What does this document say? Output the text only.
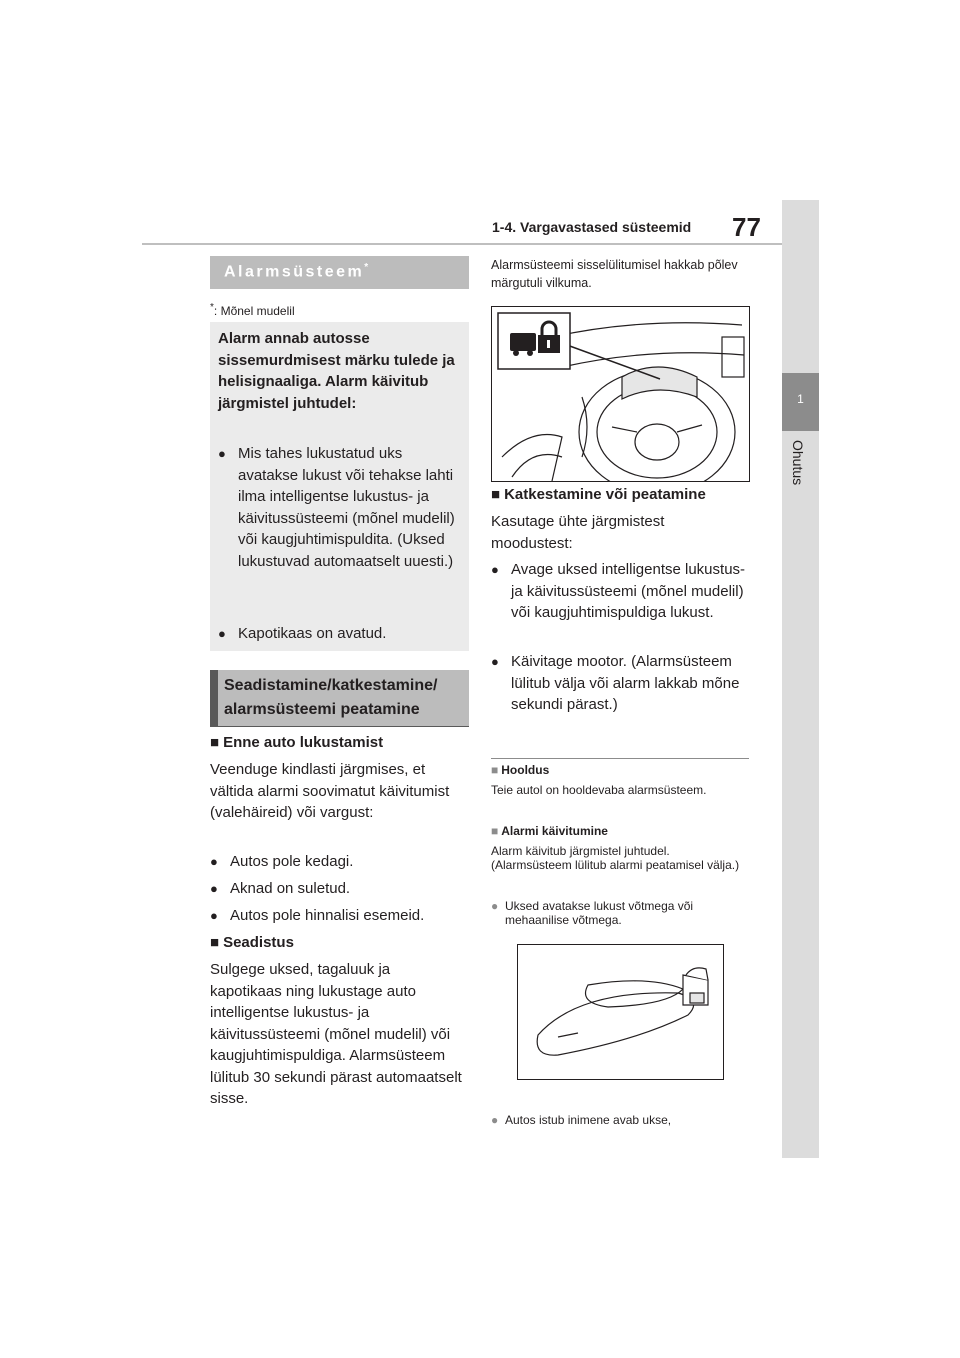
1-4. Vargavastased süsteemid 77
1
Ohutus
Alarmsüsteem*
*: Mõnel mudelil
Alarm annab autosse sissemurdmisest märku tulede ja helisignaaliga. Alarm käivitub järgmistel juhtudel:
● Mis tahes lukustatud uks avatakse lukust või tehakse lahti ilma intelligentse lukustus- ja käivitussüsteemi (mõnel mudelil) või kaugjuhtimispuldita. (Uksed lukustuvad automaatselt uuesti.)
● Kapotikaas on avatud.
Seadistamine/katkestamine/ alarmsüsteemi peatamine
■ Enne auto lukustamist
Veenduge kindlasti järgmises, et vältida alarmi soovimatut käivitumist (valehäireid) või vargust:
● Autos pole kedagi.
● Aknad on suletud.
● Autos pole hinnalisi esemeid.
■ Seadistus
Sulgege uksed, tagaluuk ja kapotikaas ning lukustage auto intelligentse lukustus- ja käivitussüsteemi (mõnel mudelil) või kaugjuhtimispuldiga. Alarmsüsteem lülitub 30 sekundi pärast automaatselt sisse.
Alarmsüsteemi sisselülitumisel hakkab põlev märgutuli vilkuma.
■ Katkestamine või peatamine
Kasutage ühte järgmistest moodustest:
● Avage uksed intelligentse lukustus- ja käivitussüsteemi (mõnel mudelil) või kaugjuhtimispuldiga lukust.
● Käivitage mootor. (Alarmsüsteem lülitub välja või alarm lakkab mõne sekundi pärast.)
■ Hooldus
Teie autol on hooldevaba alarmsüsteem.
■ Alarmi käivitumine
Alarm käivitub järgmistel juhtudel. (Alarmsüsteem lülitub alarmi peatamisel välja.)
● Uksed avatakse lukust võtmega või mehaanilise võtmega.
● Autos istub inimene avab ukse,
